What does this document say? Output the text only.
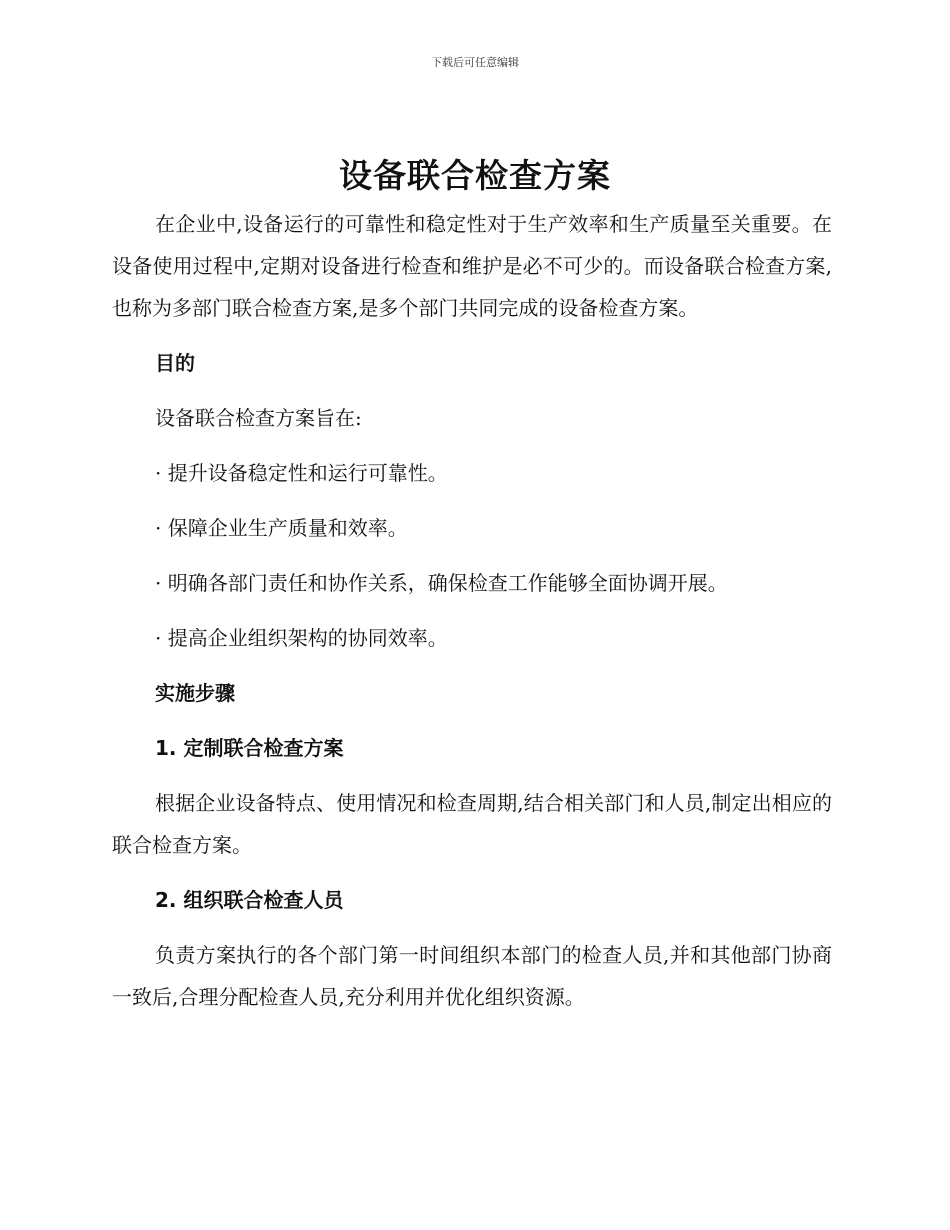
下载后可任意编辑
设备联合检查方案

在企业中,设备运行的可靠性和稳定性对于生产效率和生产质量至关重要。在设备使用过程中,定期对设备进行检查和维护是必不可少的。而设备联合检查方案,也称为多部门联合检查方案,是多个部门共同完成的设备检查方案。

目的

设备联合检查方案旨在:

· 提升设备稳定性和运行可靠性。

· 保障企业生产质量和效率。

· 明确各部门责任和协作关系，确保检查工作能够全面协调开展。

· 提高企业组织架构的协同效率。

实施步骤

1. 定制联合检查方案

根据企业设备特点、使用情况和检查周期,结合相关部门和人员,制定出相应的联合检查方案。

2. 组织联合检查人员

负责方案执行的各个部门第一时间组织本部门的检查人员,并和其他部门协商一致后,合理分配检查人员,充分利用并优化组织资源。
